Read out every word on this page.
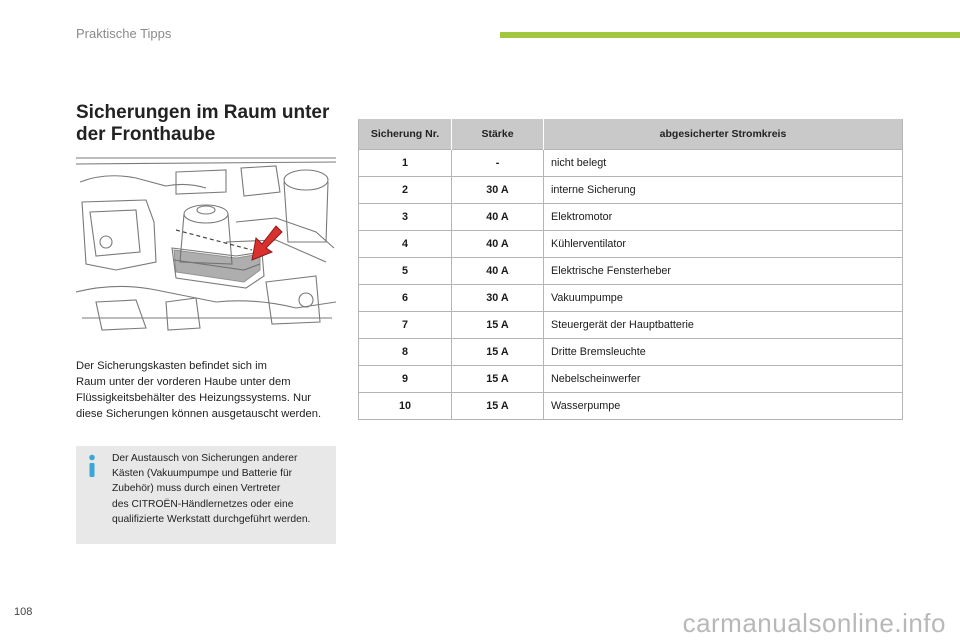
Praktische Tipps
Sicherungen im Raum unter
der Fronthaube
Der Sicherungskasten befindet sich im
Raum unter der vorderen Haube unter dem
Flüssigkeitsbehälter des Heizungssystems. Nur
diese Sicherungen können ausgetauscht werden.
Der Austausch von Sicherungen anderer
Kästen (Vakuumpumpe und Batterie für
Zubehör) muss durch einen Vertreter
des CITROËN-Händlernetzes oder eine
qualifizierte Werkstatt durchgeführt werden.
Sicherung Nr.	Stärke	abgesicherter Stromkreis
1	-	nicht belegt
2	30 A	interne Sicherung
3	40 A	Elektromotor
4	40 A	Kühlerventilator
5	40 A	Elektrische Fensterheber
6	30 A	Vakuumpumpe
7	15 A	Steuergerät der Hauptbatterie
8	15 A	Dritte Bremsleuchte
9	15 A	Nebelscheinwerfer
10	15 A	Wasserpumpe
108	carmanualsonline.info
